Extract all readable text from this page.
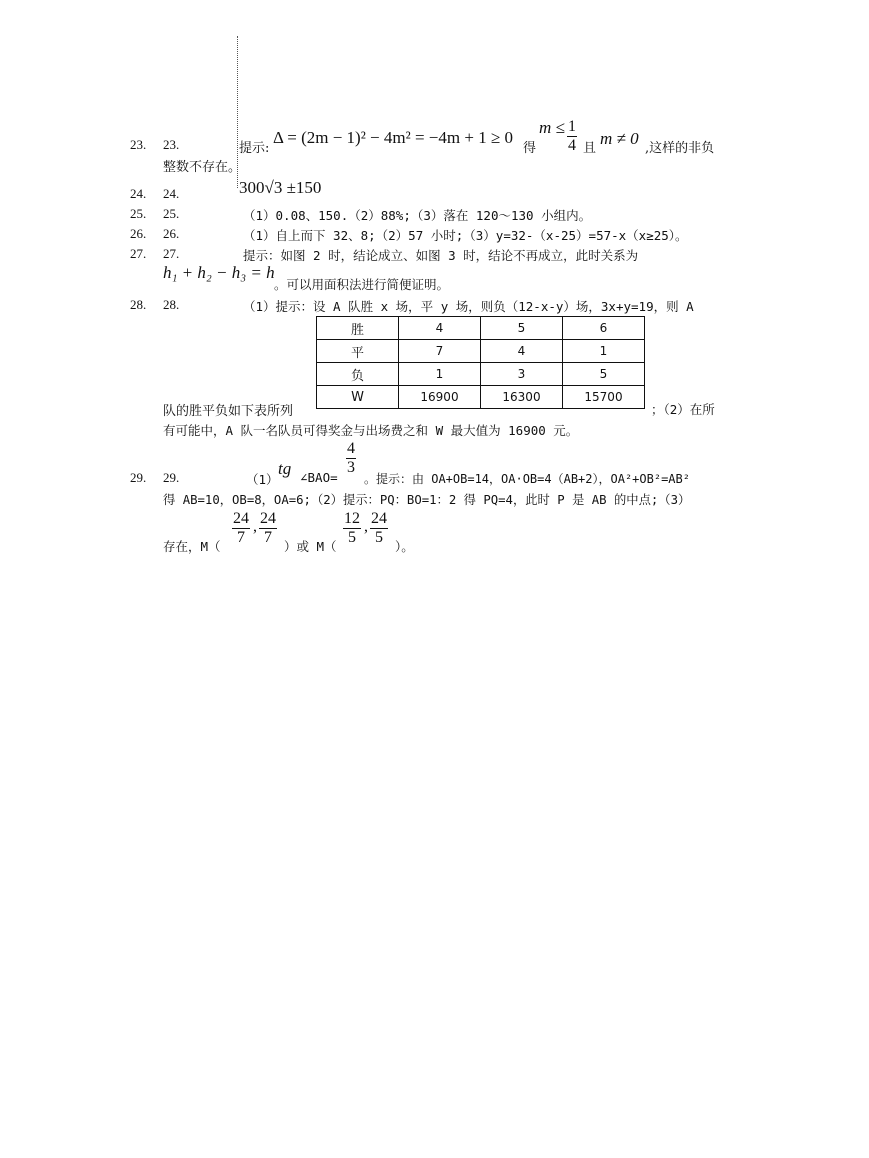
23. 23.	提示:
Δ = (2m − 1)² − 4m² = −4m + 1 ≥ 0
得
$m \le \frac{1}{4}$ 且
m ≠ 0
,这样的非负
整数不存在。
24. 24.	300√3 ±150
25. 25.	（1）0.08、150.（2）88%;（3）落在 120～130 小组内。
26. 26.	（1）自上而下 32、8;（2）57 小时;（3）y=32-（x-25）=57-x（x≥25）。
27. 27.	提示：如图 2 时，结论成立、如图 3 时，结论不再成立，此时关系为
h₁ + h₂ − h₃ = h
。可以用面积法进行简便证明。
28. 28.	（1）提示：设 A 队胜 x 场，平 y 场，则负（12-x-y）场，3x+y=19，则 A
胜	4	5	6
平	7	4	1
负	1	3	5
W	16900	16300	15700
队的胜平负如下表所列	；（2）在所
有可能中，A 队一名队员可得奖金与出场费之和 W 最大值为 16900 元。
29. 29.	（1）
tg ∠BAO=
$\frac{4}{3}$
。提示：由 OA+OB=14，OA·OB=4（AB+2），OA²+OB²=AB²
得 AB=10，OB=8，OA=6;（2）提示：PQ：BO=1：2 得 PQ=4，此时 P 是 AB 的中点;（3）
存在，$M( \frac{24}{7}$ , $\frac{24}{7}$ ）或 $M( \frac{12}{5}$ , $\frac{24}{5}$ ）。
